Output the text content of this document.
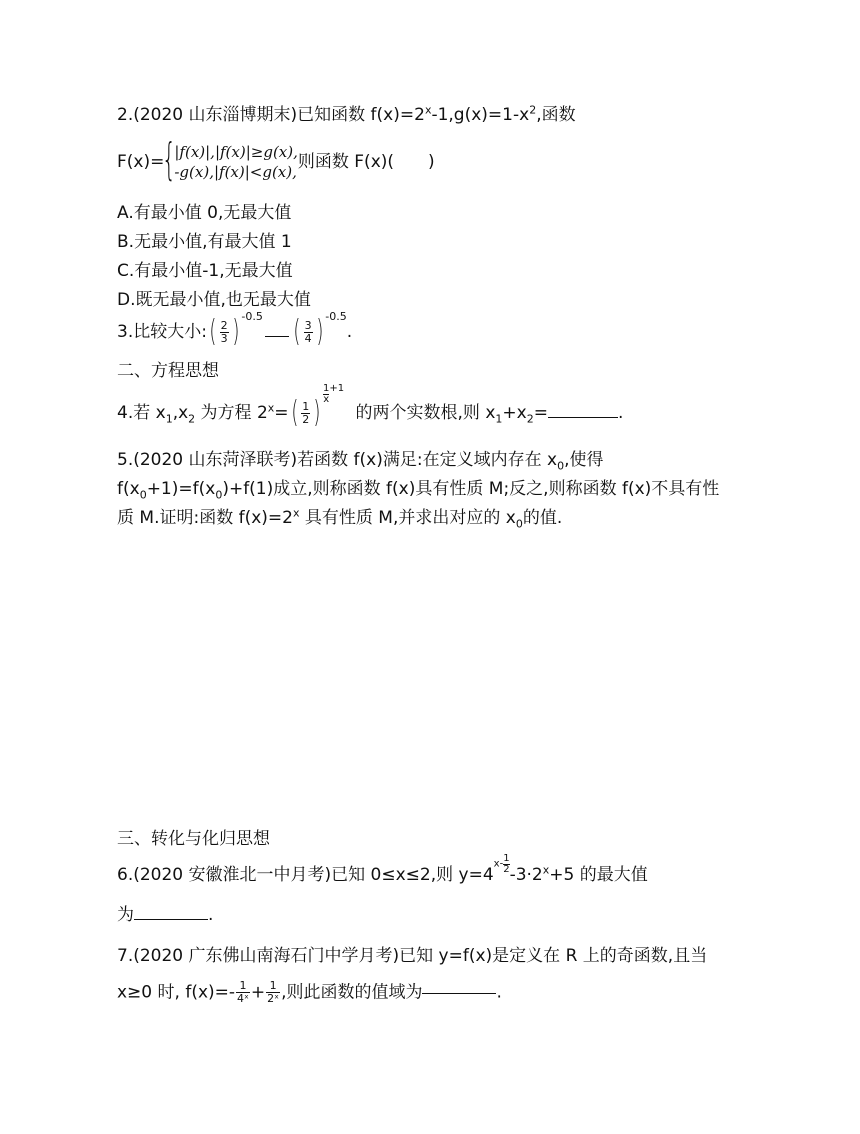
2.(2020 山东淄博期末)已知函数 $f(x)=2^x-1,g(x)=1-x^2$,函数
F(x)=
{
|f(x)|,|f(x)|≥g(x),
-g(x),|f(x)|<g(x), 则函数 F(x)(　　)
A.有最小值 0,无最大值
B.无最小值,有最大值 1
C.有最小值-1,无最大值
D.既无最小值,也无最大值
3.比较大小:( $\frac{2}{3}$ ) $^{-0.5}$ ( $\frac{3}{4}$ ) $^{-0.5}$.
二、方程思想
4.若 $x_1,x_2$ 为方程 $2^x=( \frac{1}{2}$ )
$\frac{1}{x} +1$ 的两个实数根,则 $x_1+x_2=$	.
5.(2020 山东菏泽联考)若函数 f(x)满足:在定义域内存在 $x_0$,使得
$f(x_0+1)=f(x_0)+f(1)$成立,则称函数 f(x)具有性质 M;反之,则称函数 f(x)不具有性
质 M.证明:函数 $f(x)=2^x$ 具有性质 M,并求出对应的 $x_0$的值.
三、转化与化归思想
6.(2020 安徽淮北一中月考)已知 0≤x≤2,则 $y=4x- \frac{1}{2} -3\cdot 2^x+5$ 的最大值
为	.
7.(2020 广东佛山南海石门中学月考)已知 y=f(x)是定义在 R 上的奇函数,且当
x≥0 时, $f(x)=- \frac{1}{\text{4ˣ}} + \frac{1}{\text{2ˣ}}$ ,则此函数的值域为	.
